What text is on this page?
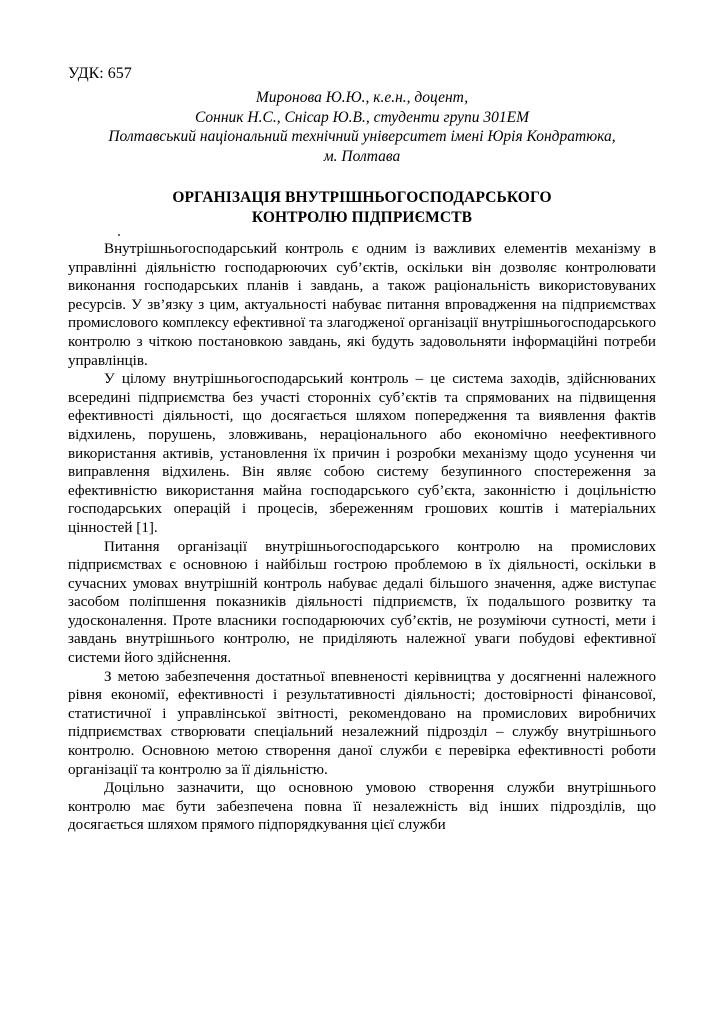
УДК: 657
Миронова Ю.Ю., к.е.н., доцент,
Сонник Н.С., Снісар Ю.В., студенти групи 301ЕМ
Полтавський національний технічний університет імені Юрія Кондратюка,
м. Полтава
ОРГАНІЗАЦІЯ ВНУТРІШНЬОГОСПОДАРСЬКОГО
КОНТРОЛЮ ПІДПРИЄМСТВ

Внутрішньогосподарський контроль є одним із важливих елементів механізму в управлінні діяльністю господарюючих суб’єктів, оскільки він дозволяє контролювати виконання господарських планів і завдань, а також раціональність використовуваних ресурсів. У зв’язку з цим, актуальності набуває питання впровадження на підприємствах промислового комплексу ефективної та злагодженої організації внутрішньогосподарського контролю з чіткою постановкою завдань, які будуть задовольняти інформаційні потреби управлінців.

У цілому внутрішньогосподарський контроль – це система заходів, здійснюваних всередині підприємства без участі сторонніх суб’єктів та спрямованих на підвищення ефективності діяльності, що досягається шляхом попередження та виявлення фактів відхилень, порушень, зловживань, нераціонального або економічно неефективного використання активів, установлення їх причин і розробки механізму щодо усунення чи виправлення відхилень. Він являє собою систему безупинного спостереження за ефективністю використання майна господарського суб’єкта, законністю і доцільністю господарських операцій і процесів, збереженням грошових коштів і матеріальних цінностей [1].

Питання організації внутрішньогосподарського контролю на промислових підприємствах є основною і найбільш гострою проблемою в їх діяльності, оскільки в сучасних умовах внутрішній контроль набуває дедалі більшого значення, адже виступає засобом поліпшення показників діяльності підприємств, їх подальшого розвитку та удосконалення. Проте власники господарюючих суб’єктів, не розуміючи сутності, мети і завдань внутрішнього контролю, не приділяють належної уваги побудові ефективної системи його здійснення.

З метою забезпечення достатньої впевненості керівництва у досягненні належного рівня економії, ефективності і результативності діяльності; достовірності фінансової, статистичної і управлінської звітності, рекомендовано на промислових виробничих підприємствах створювати спеціальний незалежний підрозділ – службу внутрішнього контролю. Основною метою створення даної служби є перевірка ефективності роботи організації та контролю за її діяльністю.

Доцільно зазначити, що основною умовою створення служби внутрішнього контролю має бути забезпечена повна її незалежність від інших підрозділів, що досягається шляхом прямого підпорядкування цієї служби
